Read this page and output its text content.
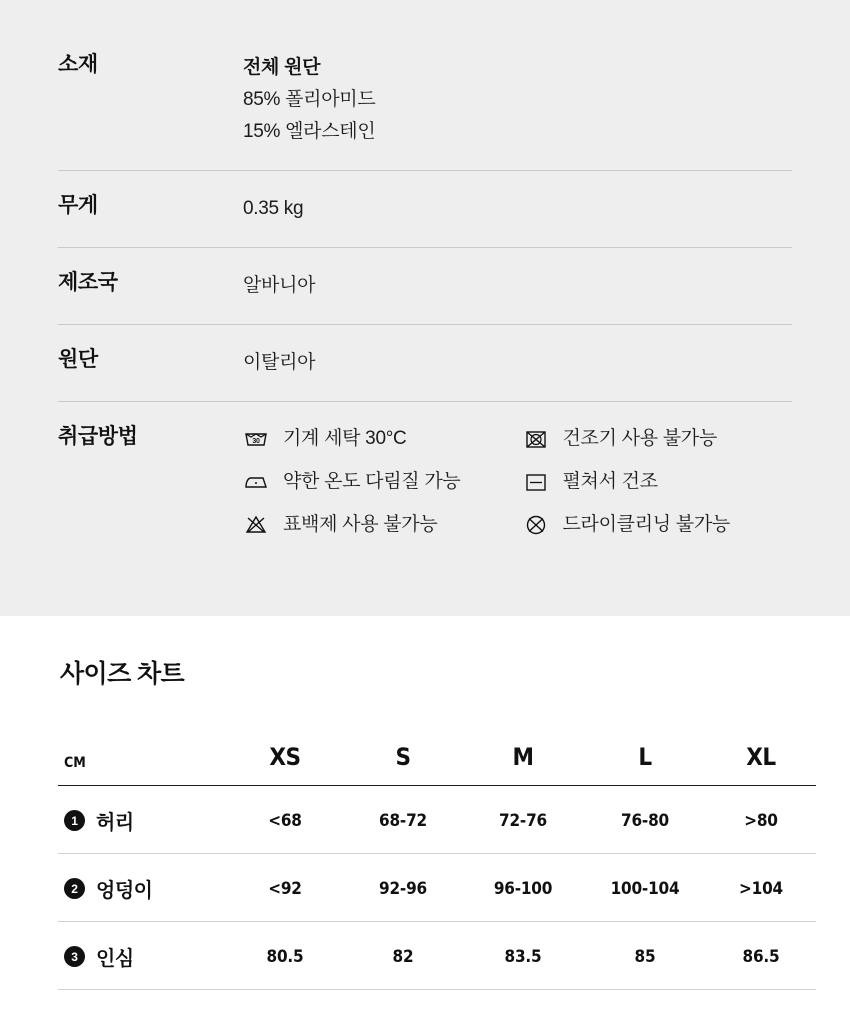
소재	전체 원단
85% 폴리아미드
15% 엘라스테인
무게	0.35 kg
제조국	알바니아
원단	이탈리아
취급방법	30 기계 세탁 30°C	건조기 사용 불가능
약한 온도 다림질 가능	펼쳐서 건조
표백제 사용 불가능	드라이클리닝 불가능
사이즈 차트
CM	XS	S	M	L	XL

1 허리	<68	68-72	72-76	76-80	>80

2 엉덩이	<92	92-96	96-100	100-104	>104

3 인심	80.5	82	83.5	85	86.5
